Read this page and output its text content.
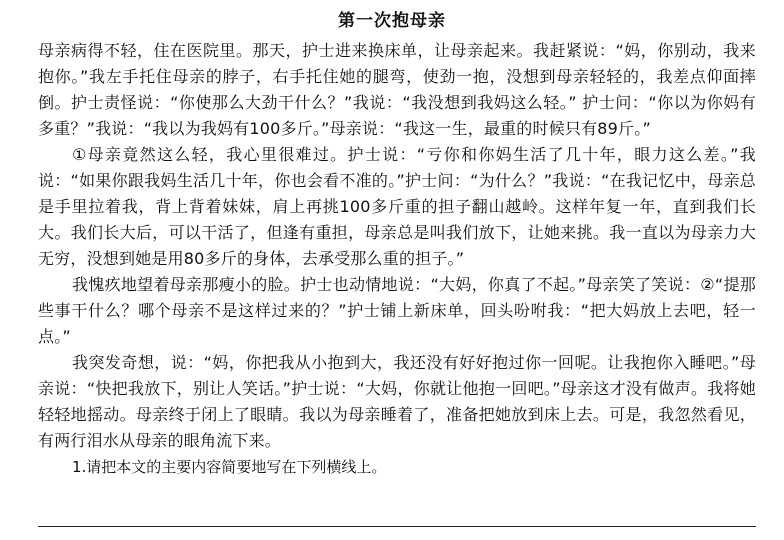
第一次抱母亲

母亲病得不轻，住在医院里。那天，护士进来换床单，让母亲起来。我赶紧说：“妈，你别动，我来抱你。”我左手托住母亲的脖子，右手托住她的腿弯，使劲一抱，没想到母亲轻轻的，我差点仰面摔倒。护士责怪说：“你使那么大劲干什么？”我说：“我没想到我妈这么轻。” 护士问：“你以为你妈有多重？”我说：“我以为我妈有100多斤。”母亲说：“我这一生，最重的时候只有89斤。”

①母亲竟然这么轻，我心里很难过。护士说：“亏你和你妈生活了几十年，眼力这么差。”我说：“如果你跟我妈生活几十年，你也会看不准的。”护士问：“为什么？”我说：“在我记忆中，母亲总是手里拉着我，背上背着妹妹，肩上再挑100多斤重的担子翻山越岭。这样年复一年，直到我们长大。我们长大后，可以干活了，但逢有重担，母亲总是叫我们放下，让她来挑。我一直以为母亲力大无穷，没想到她是用80多斤的身体，去承受那么重的担子。”

我愧疚地望着母亲那瘦小的脸。护士也动情地说：“大妈，你真了不起。”母亲笑了笑说：②“提那些事干什么？哪个母亲不是这样过来的？”护士铺上新床单，回头吩咐我：“把大妈放上去吧，轻一点。”

我突发奇想，说：“妈，你把我从小抱到大，我还没有好好抱过你一回呢。让我抱你入睡吧。”母亲说：“快把我放下，别让人笑话。”护士说：“大妈，你就让他抱一回吧。”母亲这才没有做声。我将她轻轻地摇动。母亲终于闭上了眼睛。我以为母亲睡着了，准备把她放到床上去。可是，我忽然看见，有两行泪水从母亲的眼角流下来。

1.请把本文的主要内容简要地写在下列横线上。
